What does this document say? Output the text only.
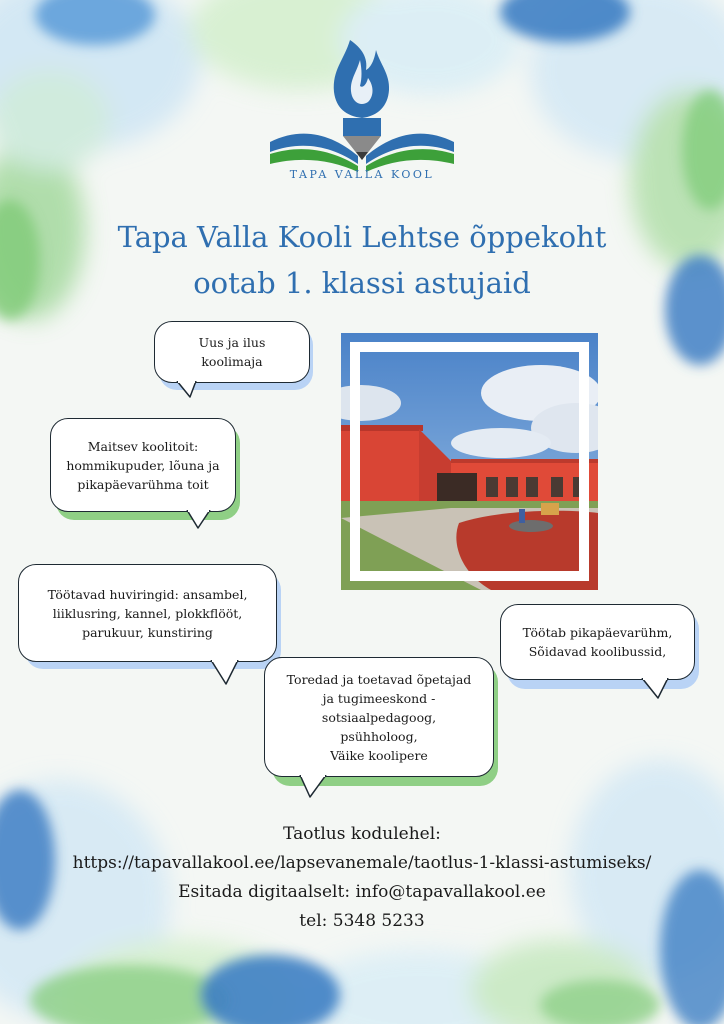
TAPA VALLA KOOL
Tapa Valla Kooli Lehtse õppekoht
ootab 1. klassi astujaid
Uus ja ilus
koolimaja
Maitsev koolitoit:
hommikupuder, lõuna ja
pikapäevarühma toit
Töötavad huviringid: ansambel,
liiklusring, kannel, plokkflööt,
parukuur, kunstiring
Toredad ja toetavad õpetajad
ja tugimeeskond -
sotsiaalpedagoog,
psühholoog,
Väike koolipere
Töötab pikapäevarühm,
Sõidavad koolibussid,
Taotlus kodulehel:
https://tapavallakool.ee/lapsevanemale/taotlus-1-klassi-astumiseks/
Esitada digitaalselt: info@tapavallakool.ee
tel: 5348 5233
